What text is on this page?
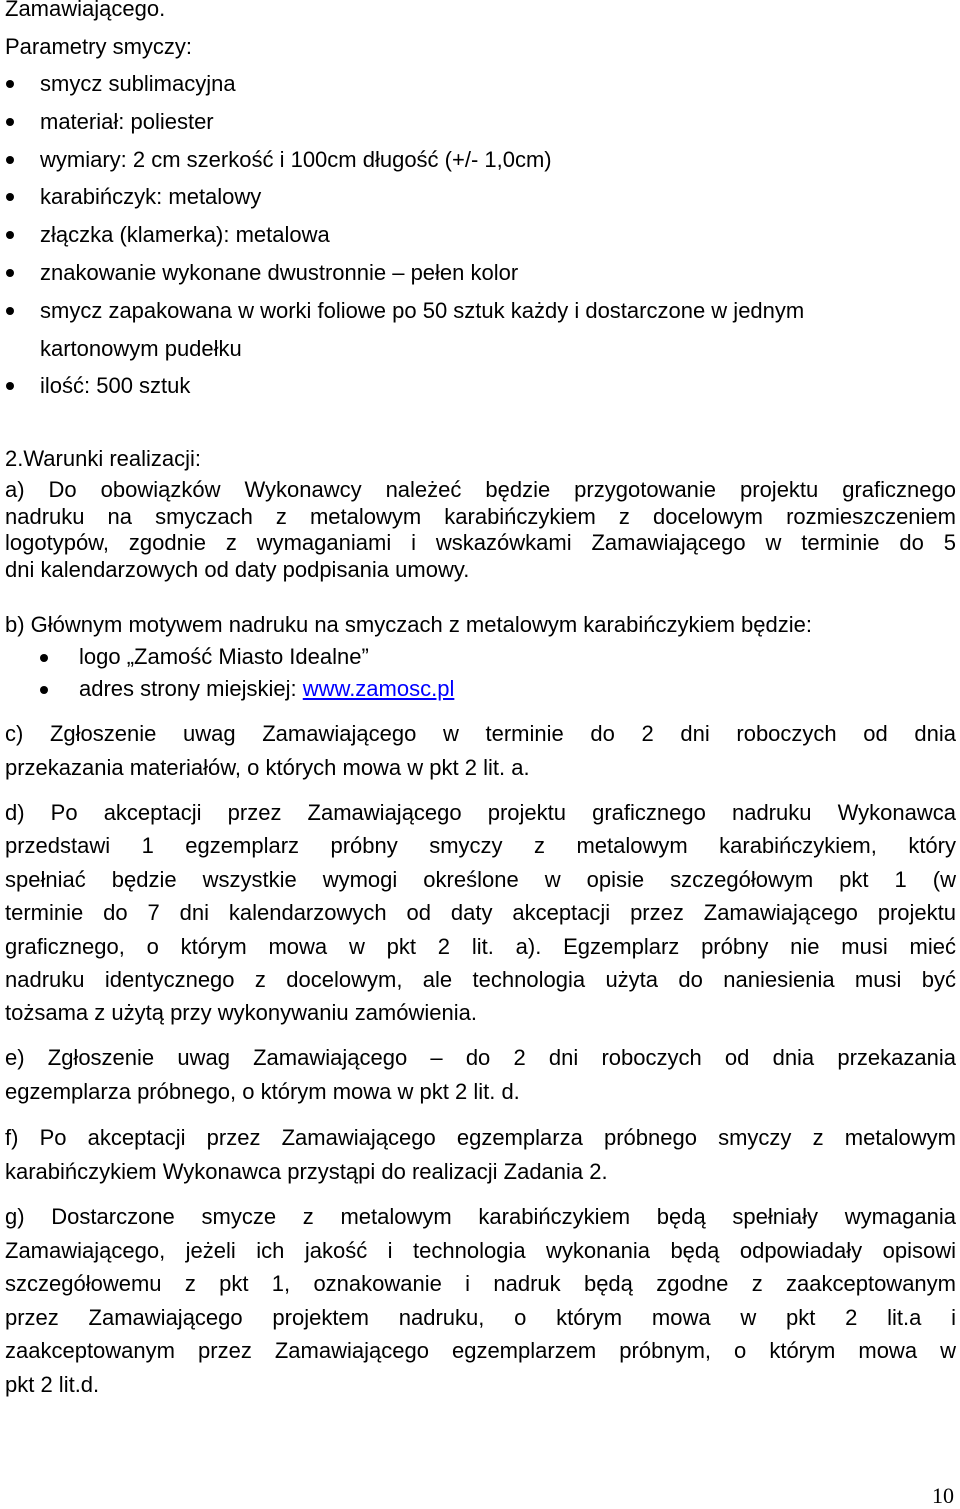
Zamawiającego.
Parametry smyczy:
smycz sublimacyjna
materiał: poliester
wymiary: 2 cm szerkość i 100cm długość (+/- 1,0cm)
karabińczyk: metalowy
złączka (klamerka): metalowa
znakowanie wykonane dwustronnie – pełen kolor
smycz zapakowana w worki foliowe po 50 sztuk każdy i dostarczone w jednym
kartonowym pudełku
ilość: 500 sztuk
2.Warunki realizacji:
a) Do obowiązków Wykonawcy należeć będzie przygotowanie projektu graficznego
nadruku na smyczach z metalowym karabińczykiem z docelowym rozmieszczeniem
logotypów, zgodnie z wymaganiami i wskazówkami Zamawiającego w terminie do 5
dni kalendarzowych od daty podpisania umowy.
b) Głównym motywem nadruku na smyczach z metalowym karabińczykiem będzie:
logo „Zamość Miasto Idealne”
adres strony miejskiej: www.zamosc.pl
c) Zgłoszenie uwag Zamawiającego w terminie do 2 dni roboczych od dnia
przekazania materiałów, o których mowa w pkt 2 lit. a.
d) Po akceptacji przez Zamawiającego projektu graficznego nadruku Wykonawca
przedstawi 1 egzemplarz próbny smyczy z metalowym karabińczykiem, który
spełniać będzie wszystkie wymogi określone w opisie szczegółowym pkt 1 (w
terminie do 7 dni kalendarzowych od daty akceptacji przez Zamawiającego projektu
graficznego, o którym mowa w pkt 2 lit. a). Egzemplarz próbny nie musi mieć
nadruku identycznego z docelowym, ale technologia użyta do naniesienia musi być
tożsama z użytą przy wykonywaniu zamówienia.
e) Zgłoszenie uwag Zamawiającego – do 2 dni roboczych od dnia przekazania
egzemplarza próbnego, o którym mowa w pkt 2 lit. d.
f) Po akceptacji przez Zamawiającego egzemplarza próbnego smyczy z metalowym
karabińczykiem Wykonawca przystąpi do realizacji Zadania 2.
g) Dostarczone smycze z metalowym karabińczykiem będą spełniały wymagania
Zamawiającego, jeżeli ich jakość i technologia wykonania będą odpowiadały opisowi
szczegółowemu z pkt 1, oznakowanie i nadruk będą zgodne z zaakceptowanym
przez Zamawiającego projektem nadruku, o którym mowa w pkt 2 lit.a i
zaakceptowanym przez Zamawiającego egzemplarzem próbnym, o którym mowa w
pkt 2 lit.d.
10
